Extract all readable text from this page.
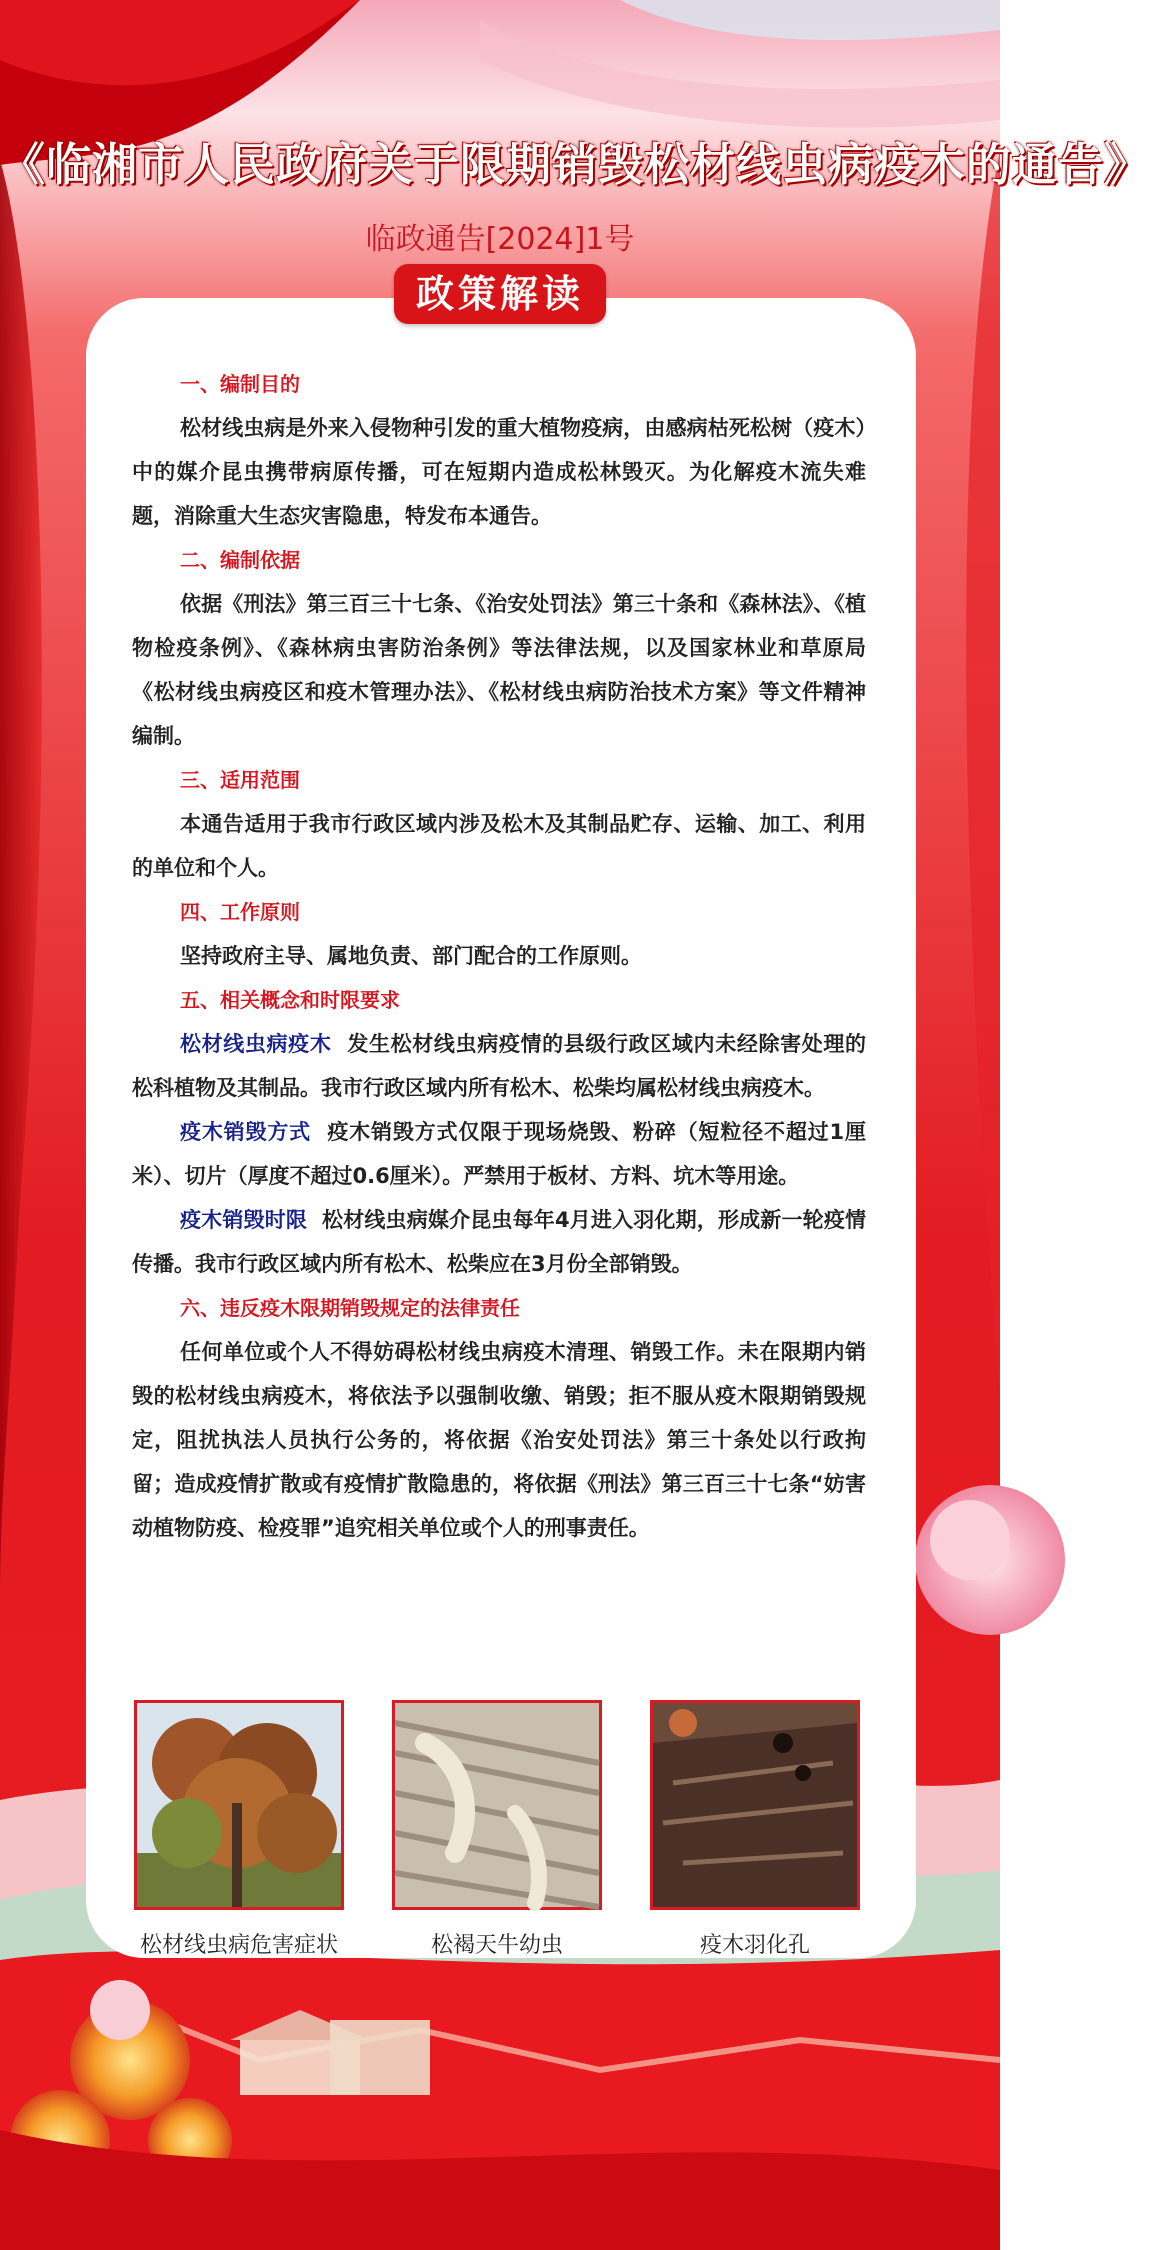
《临湘市人民政府关于限期销毁松材线虫病疫木的通告》
临政通告[2024]1号
政策解读
一、编制目的

松材线虫病是外来入侵物种引发的重大植物疫病，由感病枯死松树（疫木）中的媒介昆虫携带病原传播，可在短期内造成松林毁灭。为化解疫木流失难题，消除重大生态灾害隐患，特发布本通告。

二、编制依据

依据《刑法》第三百三十七条、《治安处罚法》第三十条和《森林法》、《植物检疫条例》、《森林病虫害防治条例》等法律法规，以及国家林业和草原局《松材线虫病疫区和疫木管理办法》、《松材线虫病防治技术方案》等文件精神编制。

三、适用范围

本通告适用于我市行政区域内涉及松木及其制品贮存、运输、加工、利用的单位和个人。

四、工作原则

坚持政府主导、属地负责、部门配合的工作原则。

五、相关概念和时限要求

松材线虫病疫木 发生松材线虫病疫情的县级行政区域内未经除害处理的松科植物及其制品。我市行政区域内所有松木、松柴均属松材线虫病疫木。

疫木销毁方式 疫木销毁方式仅限于现场烧毁、粉碎（短粒径不超过1厘米）、切片（厚度不超过0.6厘米）。严禁用于板材、方料、坑木等用途。

疫木销毁时限 松材线虫病媒介昆虫每年4月进入羽化期，形成新一轮疫情传播。我市行政区域内所有松木、松柴应在3月份全部销毁。

六、违反疫木限期销毁规定的法律责任

任何单位或个人不得妨碍松材线虫病疫木清理、销毁工作。未在限期内销毁的松材线虫病疫木，将依法予以强制收缴、销毁；拒不服从疫木限期销毁规定，阻扰执法人员执行公务的，将依据《治安处罚法》第三十条处以行政拘留；造成疫情扩散或有疫情扩散隐患的，将依据《刑法》第三百三十七条“妨害动植物防疫、检疫罪”追究相关单位或个人的刑事责任。

松材线虫病危害症状	松褐天牛幼虫	疫木羽化孔
